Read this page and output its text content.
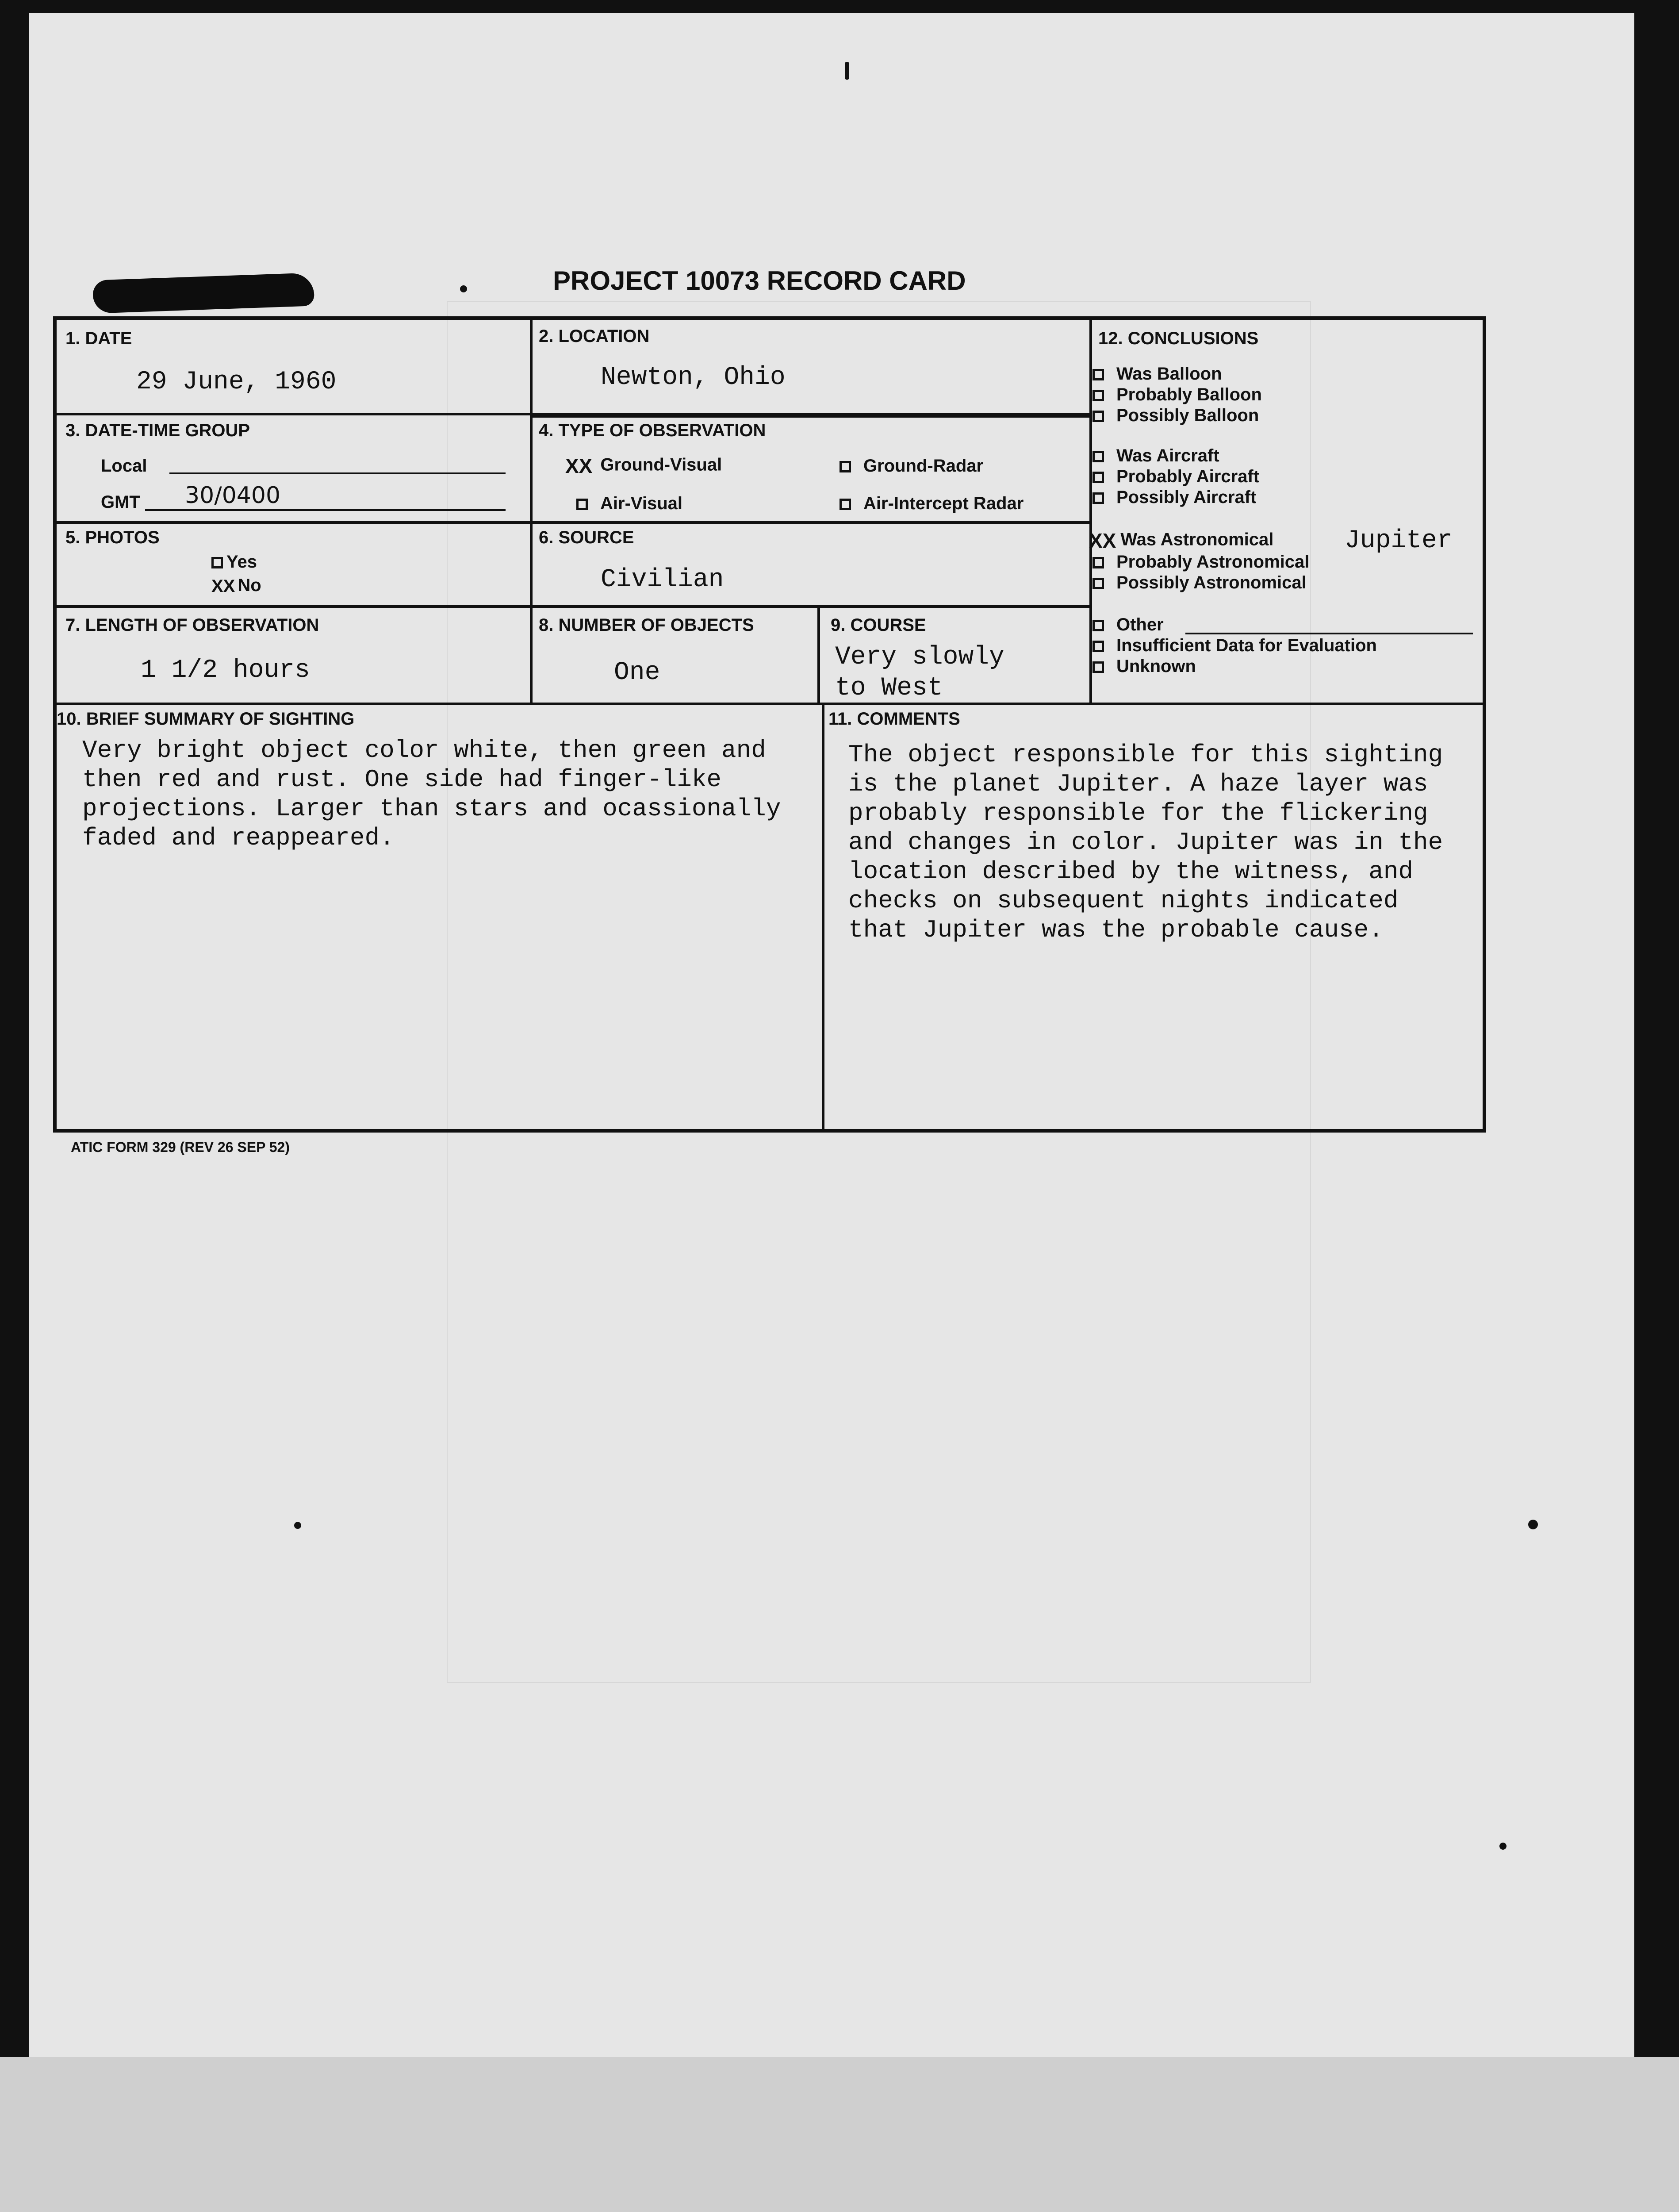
PROJECT 10073 RECORD CARD
1. DATE
29 June, 1960
2. LOCATION
Newton, Ohio
3. DATE-TIME GROUP
Local
GMT 30/0400
4. TYPE OF OBSERVATION
XX Ground-Visual	Ground-Radar
Air-Visual	Air-Intercept Radar
5. PHOTOS
Yes
XX No
6. SOURCE
Civilian
7. LENGTH OF OBSERVATION
1 1/2 hours
8. NUMBER OF OBJECTS
One
9. COURSE
Very slowly
to West
12. CONCLUSIONS
10. BRIEF SUMMARY OF SIGHTING
Very bright object color white, then green and
then red and rust. One side had finger-like
projections. Larger than stars and ocassionally
faded and reappeared.
11. COMMENTS
The object responsible for this sighting
is the planet Jupiter. A haze layer was
probably responsible for the flickering
and changes in color. Jupiter was in the
location described by the witness, and
checks on subsequent nights indicated
that Jupiter was the probable cause.
Was Balloon
Probably Balloon
Possibly Balloon
Was Aircraft
Probably Aircraft
Possibly Aircraft
XX Was Astronomical	Jupiter
Probably Astronomical
Possibly Astronomical
Other
Insufficient Data for Evaluation
Unknown
ATIC FORM 329 (REV 26 SEP 52)
